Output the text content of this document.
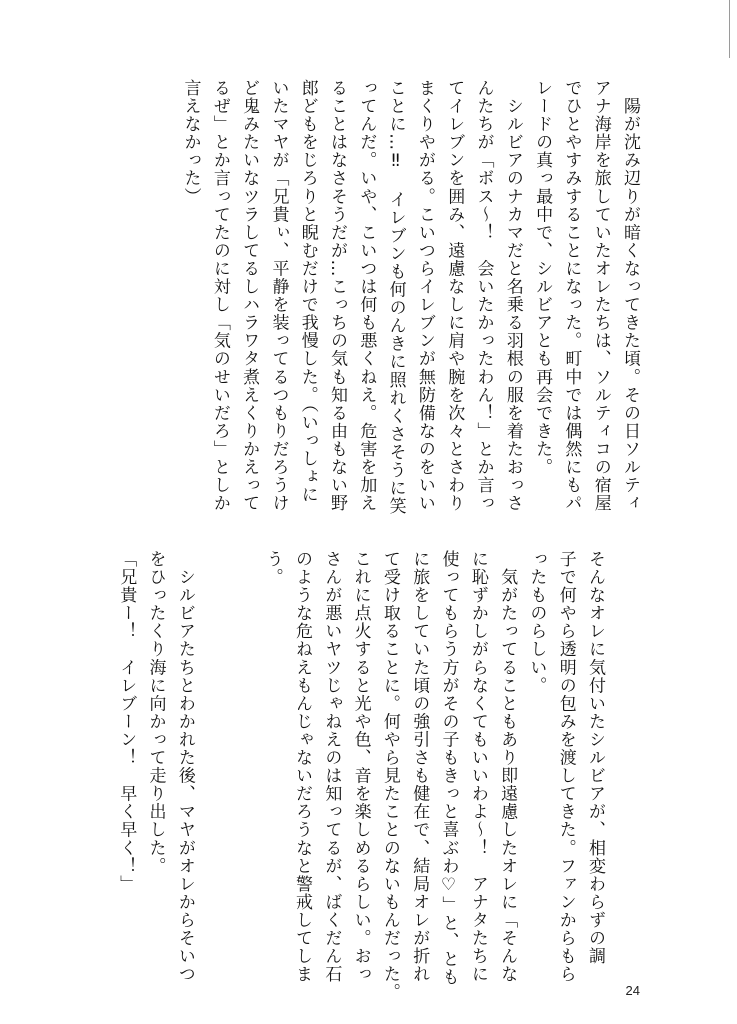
　陽が沈み辺りが暗くなってきた頃。その日ソルティ
アナ海岸を旅していたオレたちは、ソルティコの宿屋
でひとやすみすることになった。町中では偶然にもパ
レードの真っ最中で、シルビアとも再会できた。
　シルビアのナカマだと名乗る羽根の服を着たおっさ
んたちが「ボス～！　会いたかったわん！」とか言っ
てイレブンを囲み、遠慮なしに肩や腕を次々とさわり
まくりやがる。こいつらイレブンが無防備なのをいい
ことに…‼　イレブンも何のんきに照れくさそうに笑
ってんだ。いや、こいつは何も悪くねえ。危害を加え
ることはなさそうだが…こっちの気も知る由もない野
郎どもをじろりと睨むだけで我慢した。（いっしょに
いたマヤが「兄貴ぃ、平静を装ってるつもりだろうけ
ど鬼みたいなツラしてるしハラワタ煮えくりかえって
るぜ」とか言ってたのに対し「気のせいだろ」としか
言えなかった）

そんなオレに気付いたシルビアが、相変わらずの調
子で何やら透明の包みを渡してきた。ファンからもら
ったものらしい。
　気がたってることもあり即遠慮したオレに「そんな
に恥ずかしがらなくてもいいわよ～！　アナタたちに
使ってもらう方がその子もきっと喜ぶわ♡」と、とも
に旅をしていた頃の強引さも健在で、結局オレが折れ
て受け取ることに。何やら見たことのないもんだった。
これに点火すると光や色、音を楽しめるらしい。おっ
さんが悪いヤツじゃねえのは知ってるが、ばくだん石
のような危ねえもんじゃないだろうなと警戒してしま
う。

　シルビアたちとわかれた後、マヤがオレからそいつ
をひったくり海に向かって走り出した。
「兄貴ー！　イレブーン！　早く早く！」

24
